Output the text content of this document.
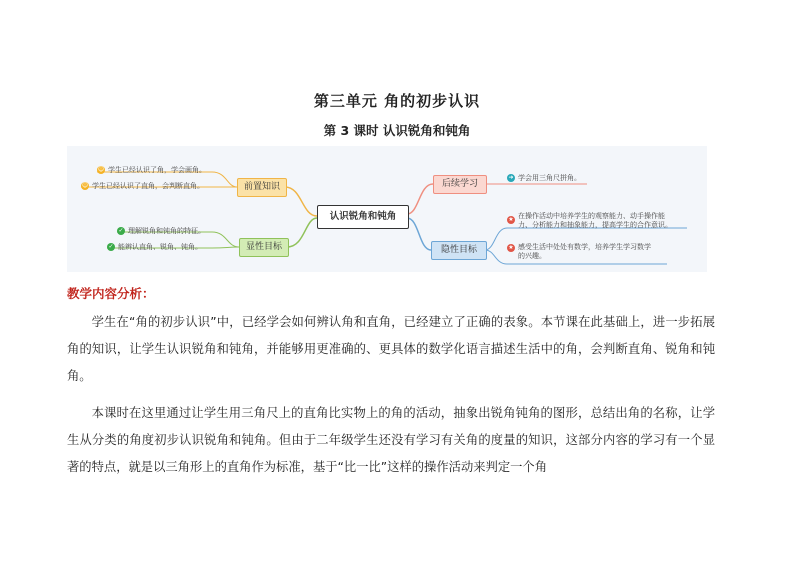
第三单元 角的初步认识
第 3 课时 认识锐角和钝角
认识锐角和钝角
前置知识
显性目标
后续学习
隐性目标
☺ 学生已经认识了角，学会画角。
☺ 学生已经认识了直角，会判断直角。
✓ 理解锐角和钝角的特征。
✓ 能辨认直角、锐角、钝角。
➜ 学会用三角尺拼角。
★ 在操作活动中培养学生的观察能力、动手操作能
力、分析能力和抽象能力，提高学生的合作意识。
★ 感受生活中处处有数学，培养学生学习数学
的兴趣。
教学内容分析：

学生在“角的初步认识”中，已经学会如何辨认角和直角，已经建立了正确的表象。本节课在此基础上，进一步拓展角的知识，让学生认识锐角和钝角，并能够用更准确的、更具体的数学化语言描述生活中的角，会判断直角、锐角和钝角。

本课时在这里通过让学生用三角尺上的直角比实物上的角的活动，抽象出锐角钝角的图形，总结出角的名称，让学生从分类的角度初步认识锐角和钝角。但由于二年级学生还没有学习有关角的度量的知识，这部分内容的学习有一个显著的特点，就是以三角形上的直角作为标准，基于“比一比”这样的操作活动来判定一个角
